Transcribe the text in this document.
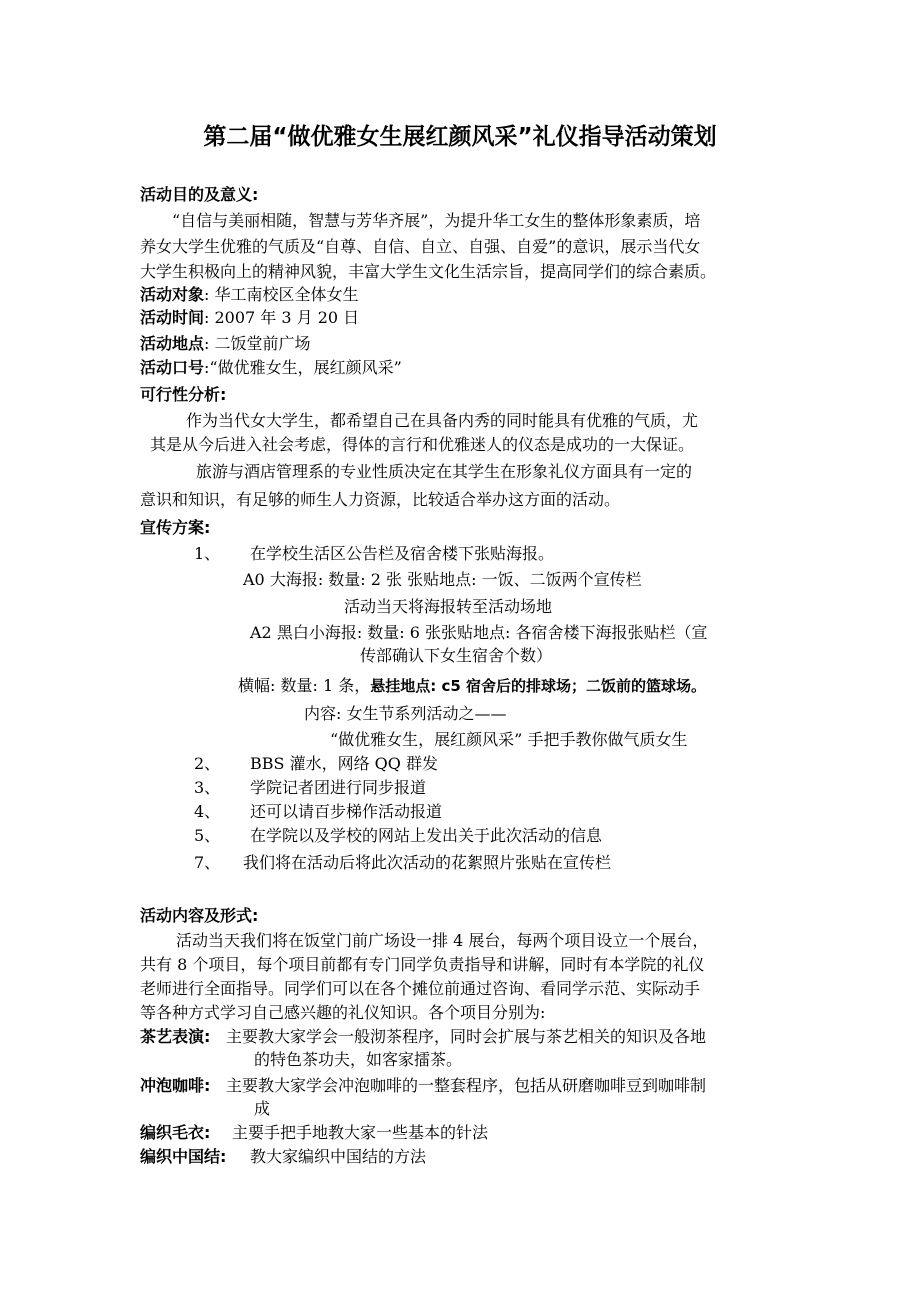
第二届“做优雅女生展红颜风采”礼仪指导活动策划
活动目的及意义:
“自信与美丽相随，智慧与芳华齐展”，为提升华工女生的整体形象素质，培
养女大学生优雅的气质及“自尊、自信、自立、自强、自爱”的意识，展示当代女
大学生积极向上的精神风貌，丰富大学生文化生活宗旨，提高同学们的综合素质。
活动对象: 华工南校区全体女生
活动时间: 2007 年 3 月 20 日
活动地点: 二饭堂前广场
活动口号:“做优雅女生，展红颜风采”
可行性分析:
作为当代女大学生，都希望自己在具备内秀的同时能具有优雅的气质，尤
其是从今后进入社会考虑，得体的言行和优雅迷人的仪态是成功的一大保证。
旅游与酒店管理系的专业性质决定在其学生在形象礼仪方面具有一定的
意识和知识，有足够的师生人力资源，比较适合举办这方面的活动。
宣传方案:
1、 在学校生活区公告栏及宿舍楼下张贴海报。
A0 大海报: 数量: 2 张 张贴地点: 一饭、二饭两个宣传栏
活动当天将海报转至活动场地
A2 黑白小海报: 数量: 6 张张贴地点: 各宿舍楼下海报张贴栏（宣
传部确认下女生宿舍个数）
横幅: 数量: 1 条，悬挂地点: c5 宿舍后的排球场；二饭前的篮球场。
内容: 女生节系列活动之——
“做优雅女生，展红颜风采” 手把手教你做气质女生
2、 BBS 灌水，网络 QQ 群发
3、 学院记者团进行同步报道
4、 还可以请百步梯作活动报道
5、 在学院以及学校的网站上发出关于此次活动的信息
7、 我们将在活动后将此次活动的花絮照片张贴在宣传栏
活动内容及形式:
活动当天我们将在饭堂门前广场设一排 4 展台，每两个项目设立一个展台，
共有 8 个项目，每个项目前都有专门同学负责指导和讲解，同时有本学院的礼仪
老师进行全面指导。同学们可以在各个摊位前通过咨询、看同学示范、实际动手
等各种方式学习自己感兴趣的礼仪知识。各个项目分别为:
茶艺表演: 主要教大家学会一般沏茶程序，同时会扩展与茶艺相关的知识及各地
的特色茶功夫，如客家擂茶。
冲泡咖啡: 主要教大家学会冲泡咖啡的一整套程序，包括从研磨咖啡豆到咖啡制
成
编织毛衣: 主要手把手地教大家一些基本的针法
编织中国结: 教大家编织中国结的方法
